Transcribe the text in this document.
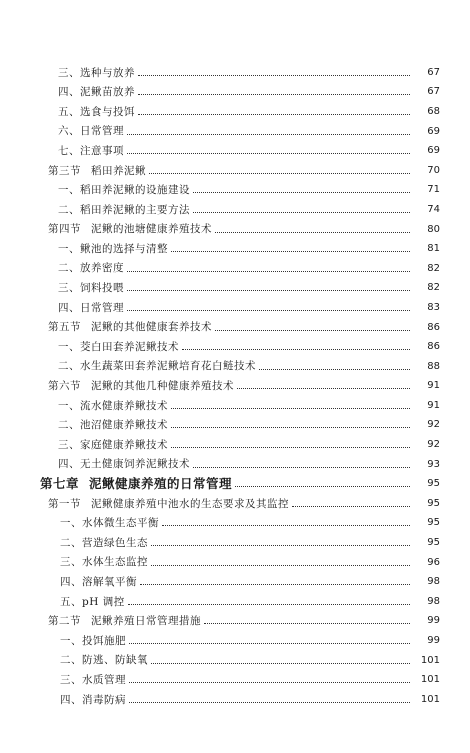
三、选种与放养	67
四、泥鳅苗放养	67
五、选食与投饵	68
六、日常管理	69
七、注意事项	69
第三节 稻田养泥鳅	70
一、稻田养泥鳅的设施建设	71
二、稻田养泥鳅的主要方法	74
第四节 泥鳅的池塘健康养殖技术	80
一、鳅池的选择与清整	81
二、放养密度	82
三、饲料投喂	82
四、日常管理	83
第五节 泥鳅的其他健康套养技术	86
一、茭白田套养泥鳅技术	86
二、水生蔬菜田套养泥鳅培育花白鲢技术	88
第六节 泥鳅的其他几种健康养殖技术	91
一、流水健康养鳅技术	91
二、池沼健康养鳅技术	92
三、家庭健康养鳅技术	92
四、无土健康饲养泥鳅技术	93
第七章 泥鳅健康养殖的日常管理	95
第一节 泥鳅健康养殖中池水的生态要求及其监控	95
一、水体微生态平衡	95
二、营造绿色生态	95
三、水体生态监控	96
四、溶解氧平衡	98
五、pH 调控	98
第二节 泥鳅养殖日常管理措施	99
一、投饵施肥	99
二、防逃、防缺氧	101
三、水质管理	101
四、消毒防病	101
